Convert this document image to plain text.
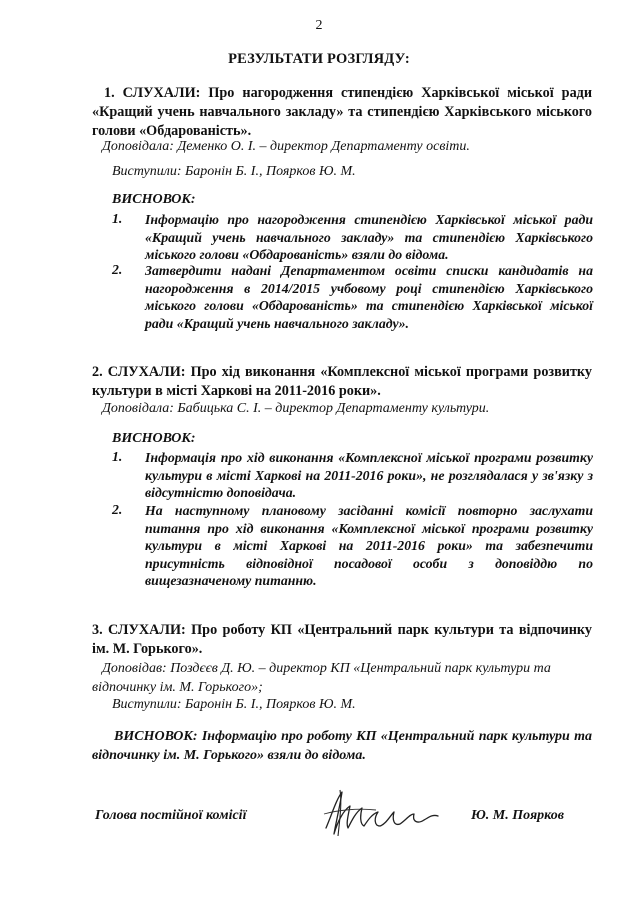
2
РЕЗУЛЬТАТИ РОЗГЛЯДУ:
1. СЛУХАЛИ: Про нагородження стипендією Харківської міської ради «Кращий учень навчального закладу» та стипендією Харківського міського голови «Обдарованість».
Доповідала: Деменко О. І. – директор Департаменту освіти.
Виступили: Баронін Б. І., Поярков Ю. М.
ВИСНОВОК:
1. Інформацію про нагородження стипендією Харківської міської ради «Кращий учень навчального закладу» та стипендією Харківського міського голови «Обдарованість» взяли до відома.
2. Затвердити надані Департаментом освіти списки кандидатів на нагородження в 2014/2015 учбовому році стипендією Харківського міського голови «Обдарованість» та стипендією Харківської міської ради «Кращий учень навчального закладу».
2. СЛУХАЛИ: Про хід виконання «Комплексної міської програми розвитку культури в місті Харкові на 2011-2016 роки».
Доповідала: Бабицька С. І. – директор Департаменту культури.
ВИСНОВОК:
1. Інформація про хід виконання «Комплексної міської програми розвитку культури в місті Харкові на 2011-2016 роки», не розглядалася у зв'язку з відсутністю доповідача.
2. На наступному плановому засіданні комісії повторно заслухати питання про хід виконання «Комплексної міської програми розвитку культури в місті Харкові на 2011-2016 роки» та забезпечити присутність відповідної посадової особи з доповіддю по вищезазначеному питанню.
3. СЛУХАЛИ: Про роботу КП «Центральний парк культури та відпочинку ім. М. Горького».
Доповідав: Поздєєв Д. Ю. – директор КП «Центральний парк культури та відпочинку ім. М. Горького»;
Виступили: Баронін Б. І., Поярков Ю. М.
ВИСНОВОК: Інформацію про роботу КП «Центральний парк культури та відпочинку ім. М. Горького» взяли до відома.
Голова постійної комісії	Ю. М. Поярков
